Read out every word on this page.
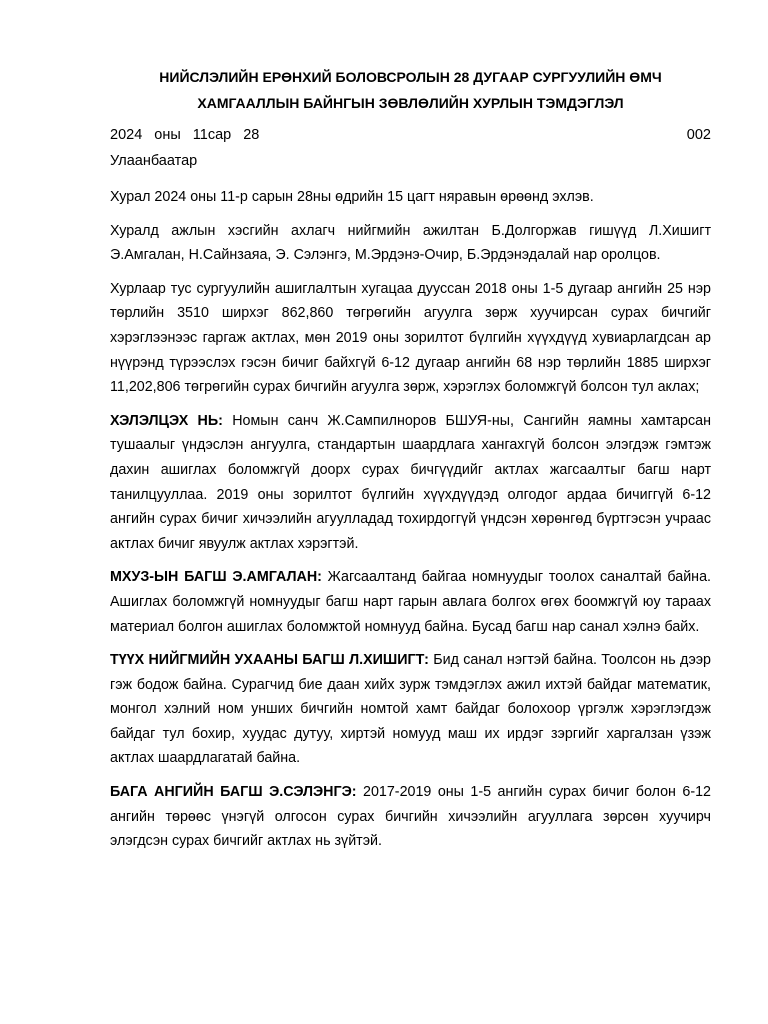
НИЙСЛЭЛИЙН ЕРӨНХИЙ БОЛОВСРОЛЫН 28 ДУГААР СУРГУУЛИЙН ӨМЧ

ХАМГААЛЛЫН БАЙНГЫН ЗӨВЛӨЛИЙН ХУРЛЫН ТЭМДЭГЛЭЛ

2024 оны 11сар 28	002
Улаанбаатар

Хурал 2024 оны 11-р сарын 28ны өдрийн 15 цагт няравын өрөөнд эхлэв.

Хуралд ажлын хэсгийн ахлагч нийгмийн ажилтан Б.Долгоржав гишүүд Л.Хишигт Э.Амгалан, Н.Сайнзаяа, Э. Сэлэнгэ, М.Эрдэнэ-Очир, Б.Эрдэнэдалай нар оролцов.

Хурлаар тус сургуулийн ашиглалтын хугацаа дууссан 2018 оны 1-5 дугаар ангийн 25 нэр төрлийн 3510 ширхэг 862,860 төгрөгийн агуулга зөрж хуучирсан сурах бичгийг хэрэглээнээс гаргаж актлах, мөн 2019 оны зорилтот бүлгийн хүүхдүүд хувиарлагдсан ар нүүрэнд түрээслэх гэсэн бичиг байхгүй 6-12 дугаар ангийн 68 нэр төрлийн 1885 ширхэг 11,202,806 төгрөгийн сурах бичгийн агуулга зөрж, хэрэглэх боломжгүй болсон тул аклах;

ХЭЛЭЛЦЭХ НЬ: Номын санч Ж.Сампилноров БШУЯ-ны, Сангийн яамны хамтарсан тушаалыг үндэслэн ангуулга, стандартын шаардлага хангахгүй болсон элэгдэж гэмтэж дахин ашиглах боломжгүй доорх сурах бичгүүдийг актлах жагсаалтыг багш нарт танилцууллаа. 2019 оны зорилтот бүлгийн хүүхдүүдэд олгодог ардаа бичиггүй 6-12 ангийн сурах бичиг хичээлийн агуулладад тохирдоггүй үндсэн хөрөнгөд бүртгэсэн учраас актлах бичиг явуулж актлах хэрэгтэй.

МХУЗ-ЫН БАГШ Э.АМГАЛАН: Жагсаалтанд байгаа номнуудыг тоолох саналтай байна. Ашиглах боломжгүй номнуудыг багш нарт гарын авлага болгох өгөх боомжгүй юу тараах материал болгон ашиглах боломжтой номнууд байна. Бусад багш нар санал хэлнэ байх.

ТҮҮХ НИЙГМИЙН УХААНЫ БАГШ Л.ХИШИГТ: Бид санал нэгтэй байна. Тоолсон нь дээр гэж бодож байна. Сурагчид бие даан хийх зурж тэмдэглэх ажил ихтэй байдаг математик, монгол хэлний ном унших бичгийн номтой хамт байдаг болохоор үргэлж хэрэглэгдэж байдаг тул бохир, хуудас дутуу, хиртэй номууд маш их ирдэг зэргийг харгалзан үзэж актлах шаардлагатай байна.

БАГА АНГИЙН БАГШ Э.СЭЛЭНГЭ: 2017-2019 оны 1-5 ангийн сурах бичиг болон 6-12 ангийн төрөөс үнэгүй олгосон сурах бичгийн хичээлийн агууллага зөрсөн хуучирч элэгдсэн сурах бичгийг актлах нь зүйтэй.
